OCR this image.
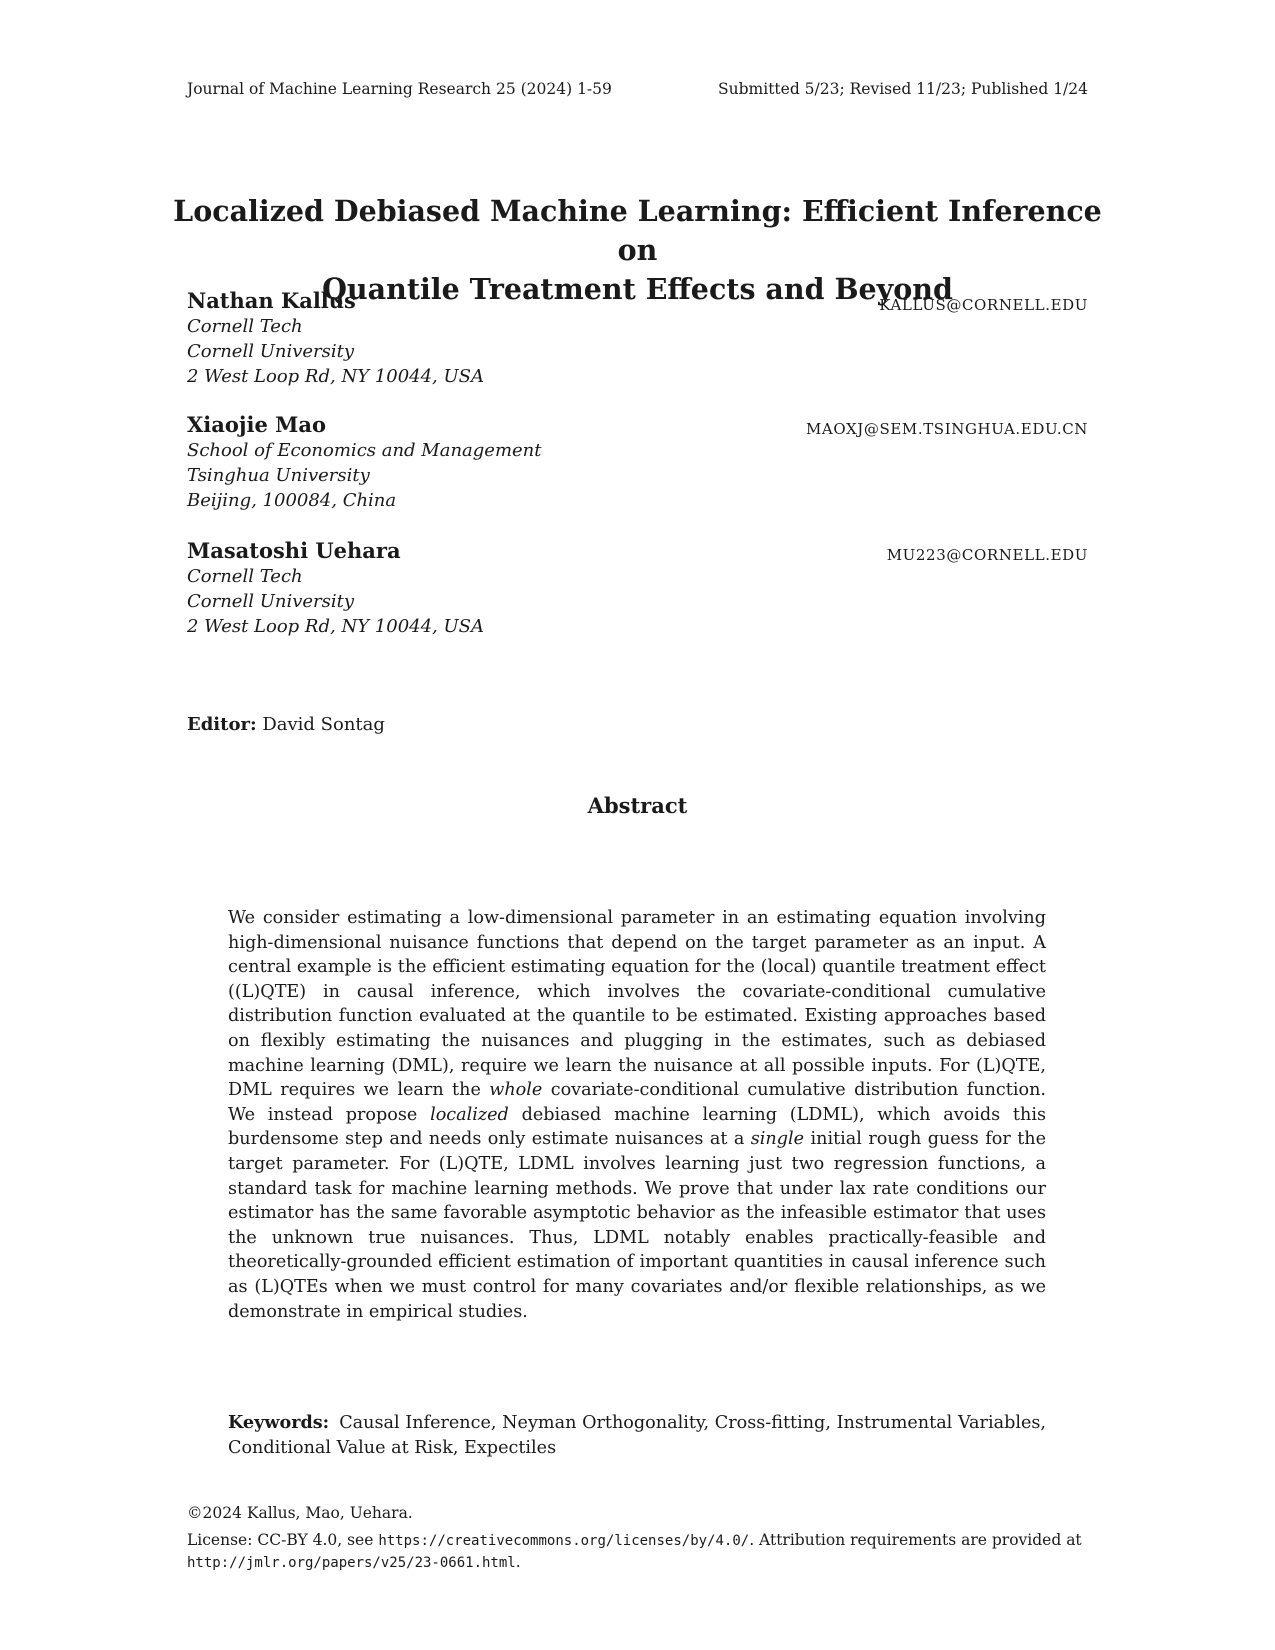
Journal of Machine Learning Research 25 (2024) 1-59	Submitted 5/23; Revised 11/23; Published 1/24
Localized Debiased Machine Learning: Efficient Inference on
Quantile Treatment Effects and Beyond
Nathan Kallus
Cornell Tech
Cornell University
2 West Loop Rd, NY 10044, USA
KALLUS@CORNELL.EDU
Xiaojie Mao
School of Economics and Management
Tsinghua University
Beijing, 100084, China
MAOXJ@SEM.TSINGHUA.EDU.CN
Masatoshi Uehara
Cornell Tech
Cornell University
2 West Loop Rd, NY 10044, USA
MU223@CORNELL.EDU
Editor: David Sontag
Abstract
We consider estimating a low-dimensional parameter in an estimating equation involving high-dimensional nuisance functions that depend on the target parameter as an input. A central example is the efficient estimating equation for the (local) quantile treatment effect ((L)QTE) in causal inference, which involves the covariate-conditional cumulative distribution function evaluated at the quantile to be estimated. Existing approaches based on flexibly estimating the nuisances and plugging in the estimates, such as debiased machine learning (DML), require we learn the nuisance at all possible inputs. For (L)QTE, DML requires we learn the whole covariate-conditional cumulative distribution function. We instead propose localized debiased machine learning (LDML), which avoids this burdensome step and needs only estimate nuisances at a single initial rough guess for the target parameter. For (L)QTE, LDML involves learning just two regression functions, a standard task for machine learning methods. We prove that under lax rate conditions our estimator has the same favorable asymptotic behavior as the infeasible estimator that uses the unknown true nuisances. Thus, LDML notably enables practically-feasible and theoretically-grounded efficient estimation of important quantities in causal inference such as (L)QTEs when we must control for many covariates and/or flexible relationships, as we demonstrate in empirical studies.
Keywords: Causal Inference, Neyman Orthogonality, Cross-fitting, Instrumental Variables, Conditional Value at Risk, Expectiles
©2024 Kallus, Mao, Uehara.
License: CC-BY 4.0, see https://creativecommons.org/licenses/by/4.0/. Attribution requirements are provided at http://jmlr.org/papers/v25/23-0661.html.
